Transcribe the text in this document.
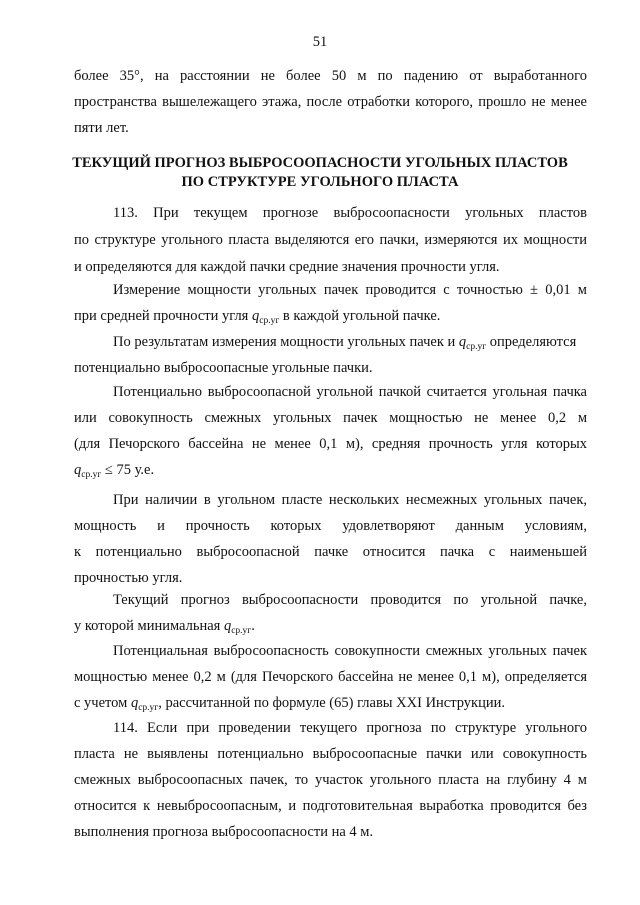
51
более 35°, на расстоянии не более 50 м по падению от выработанного
пространства вышележащего этажа, после отработки которого, прошло не менее
пяти лет.
ТЕКУЩИЙ ПРОГНОЗ ВЫБРОСООПАСНОСТИ УГОЛЬНЫХ ПЛАСТОВ
ПО СТРУКТУРЕ УГОЛЬНОГО ПЛАСТА
113. При текущем прогнозе выбросоопасности угольных пластов
по структуре угольного пласта выделяются его пачки, измеряются их мощности
и определяются для каждой пачки средние значения прочности угля.
Измерение мощности угольных пачек проводится с точностью ± 0,01 м
при средней прочности угля $q_{ср.уг}$ в каждой угольной пачке.
По результатам измерения мощности угольных пачек и $q_{ср.уг}$ определяются
потенциально выбросоопасные угольные пачки.
Потенциально выбросоопасной угольной пачкой считается угольная пачка
или совокупность смежных угольных пачек мощностью не менее 0,2 м
(для Печорского бассейна не менее 0,1 м), средняя прочность угля которых
$q_{ср.уг} \le 75$ у.е.
При наличии в угольном пласте нескольких несмежных угольных пачек,
мощность и прочность которых удовлетворяют данным условиям,
к потенциально выбросоопасной пачке относится пачка с наименьшей
прочностью угля.
Текущий прогноз выбросоопасности проводится по угольной пачке,
у которой минимальная $q_{ср.уг}$.
Потенциальная выбросоопасность совокупности смежных угольных пачек
мощностью менее 0,2 м (для Печорского бассейна не менее 0,1 м), определяется
с учетом $q_{ср.уг}$, рассчитанной по формуле (65) главы XXI Инструкции.
114. Если при проведении текущего прогноза по структуре угольного
пласта не выявлены потенциально выбросоопасные пачки или совокупность
смежных выбросоопасных пачек, то участок угольного пласта на глубину 4 м
относится к невыбросоопасным, и подготовительная выработка проводится без
выполнения прогноза выбросоопасности на 4 м.
